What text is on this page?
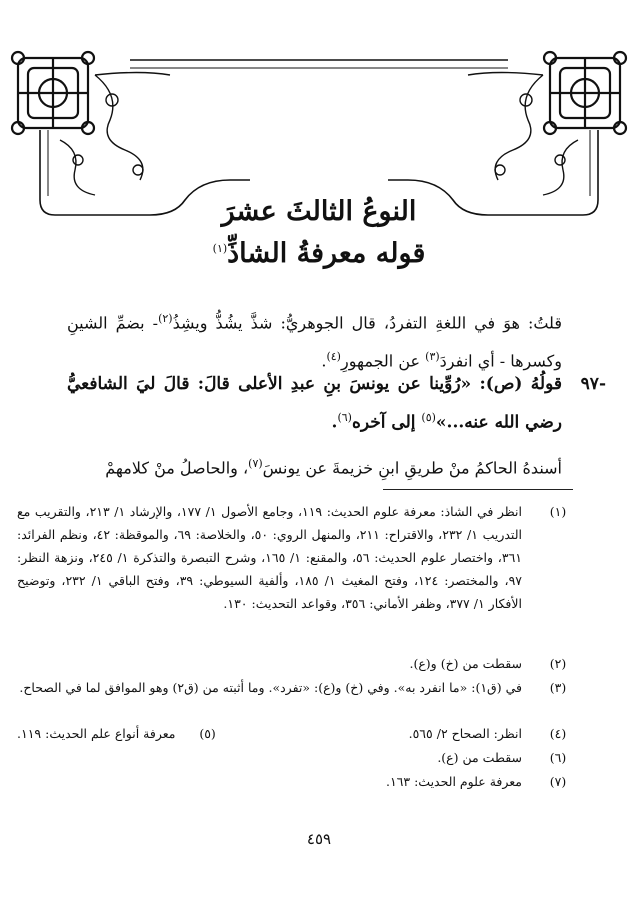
النوعُ الثالثَ عشرَ
قوله معرفةُ الشاذِّ$^{(١)}$
قلتُ: هوَ في اللغةِ التفردُ، قال الجوهريُّ: شذَّ يشُذُّ ويشِذُ$^{(٢)}$- بضمِّ الشينِ وكسرها - أي انفردَ$^{(٣)}$ عن الجمهورِ$^{(٤)}$.
-٩٧
قولُهُ (ص): «رُوِّينا عن يونسَ بنِ عبدِ الأعلى قالَ: قالَ ليَ الشافعيُّ رضي الله عنه...»$^{(٥)}$ إلى آخره$^{(٦)}$.
أسندهُ الحاكمُ منْ طريقِ ابنِ خزيمةَ عن يونسَ$^{(٧)}$، والحاصلُ منْ كلامهمْ
(١)
انظر في الشاذ: معرفة علوم الحديث: ١١٩، وجامع الأصول ١/ ١٧٧، والإرشاد ١/ ٢١٣، والتقريب مع التدريب ١/ ٢٣٢، والاقتراح: ٢١١، والمنهل الروي: ٥٠، والخلاصة: ٦٩، والموقظة: ٤٢، ونظم الفرائد: ٣٦١، واختصار علوم الحديث: ٥٦، والمقنع: ١/ ١٦٥، وشرح التبصرة والتذكرة ١/ ٢٤٥، ونزهة النظر: ٩٧، والمختصر: ١٢٤، وفتح المغيث ١/ ١٨٥، وألفية السيوطي: ٣٩، وفتح الباقي ١/ ٢٣٢، وتوضيح الأفكار ١/ ٣٧٧، وظفر الأماني: ٣٥٦، وقواعد التحديث: ١٣٠.
(٢)
سقطت من (خ) و(ع).
(٣)
في (ق١): «ما انفرد به». وفي (خ) و(ع): «تفرد». وما أثبته من (ق٢) وهو الموافق لما في الصحاح.
(٤)
انظر: الصحاح ٢/ ٥٦٥.
(٥)      معرفة أنواع علم الحديث: ١١٩.
(٦)
سقطت من (ع).
(٧)
معرفة علوم الحديث: ١٦٣.
٤٥٩
